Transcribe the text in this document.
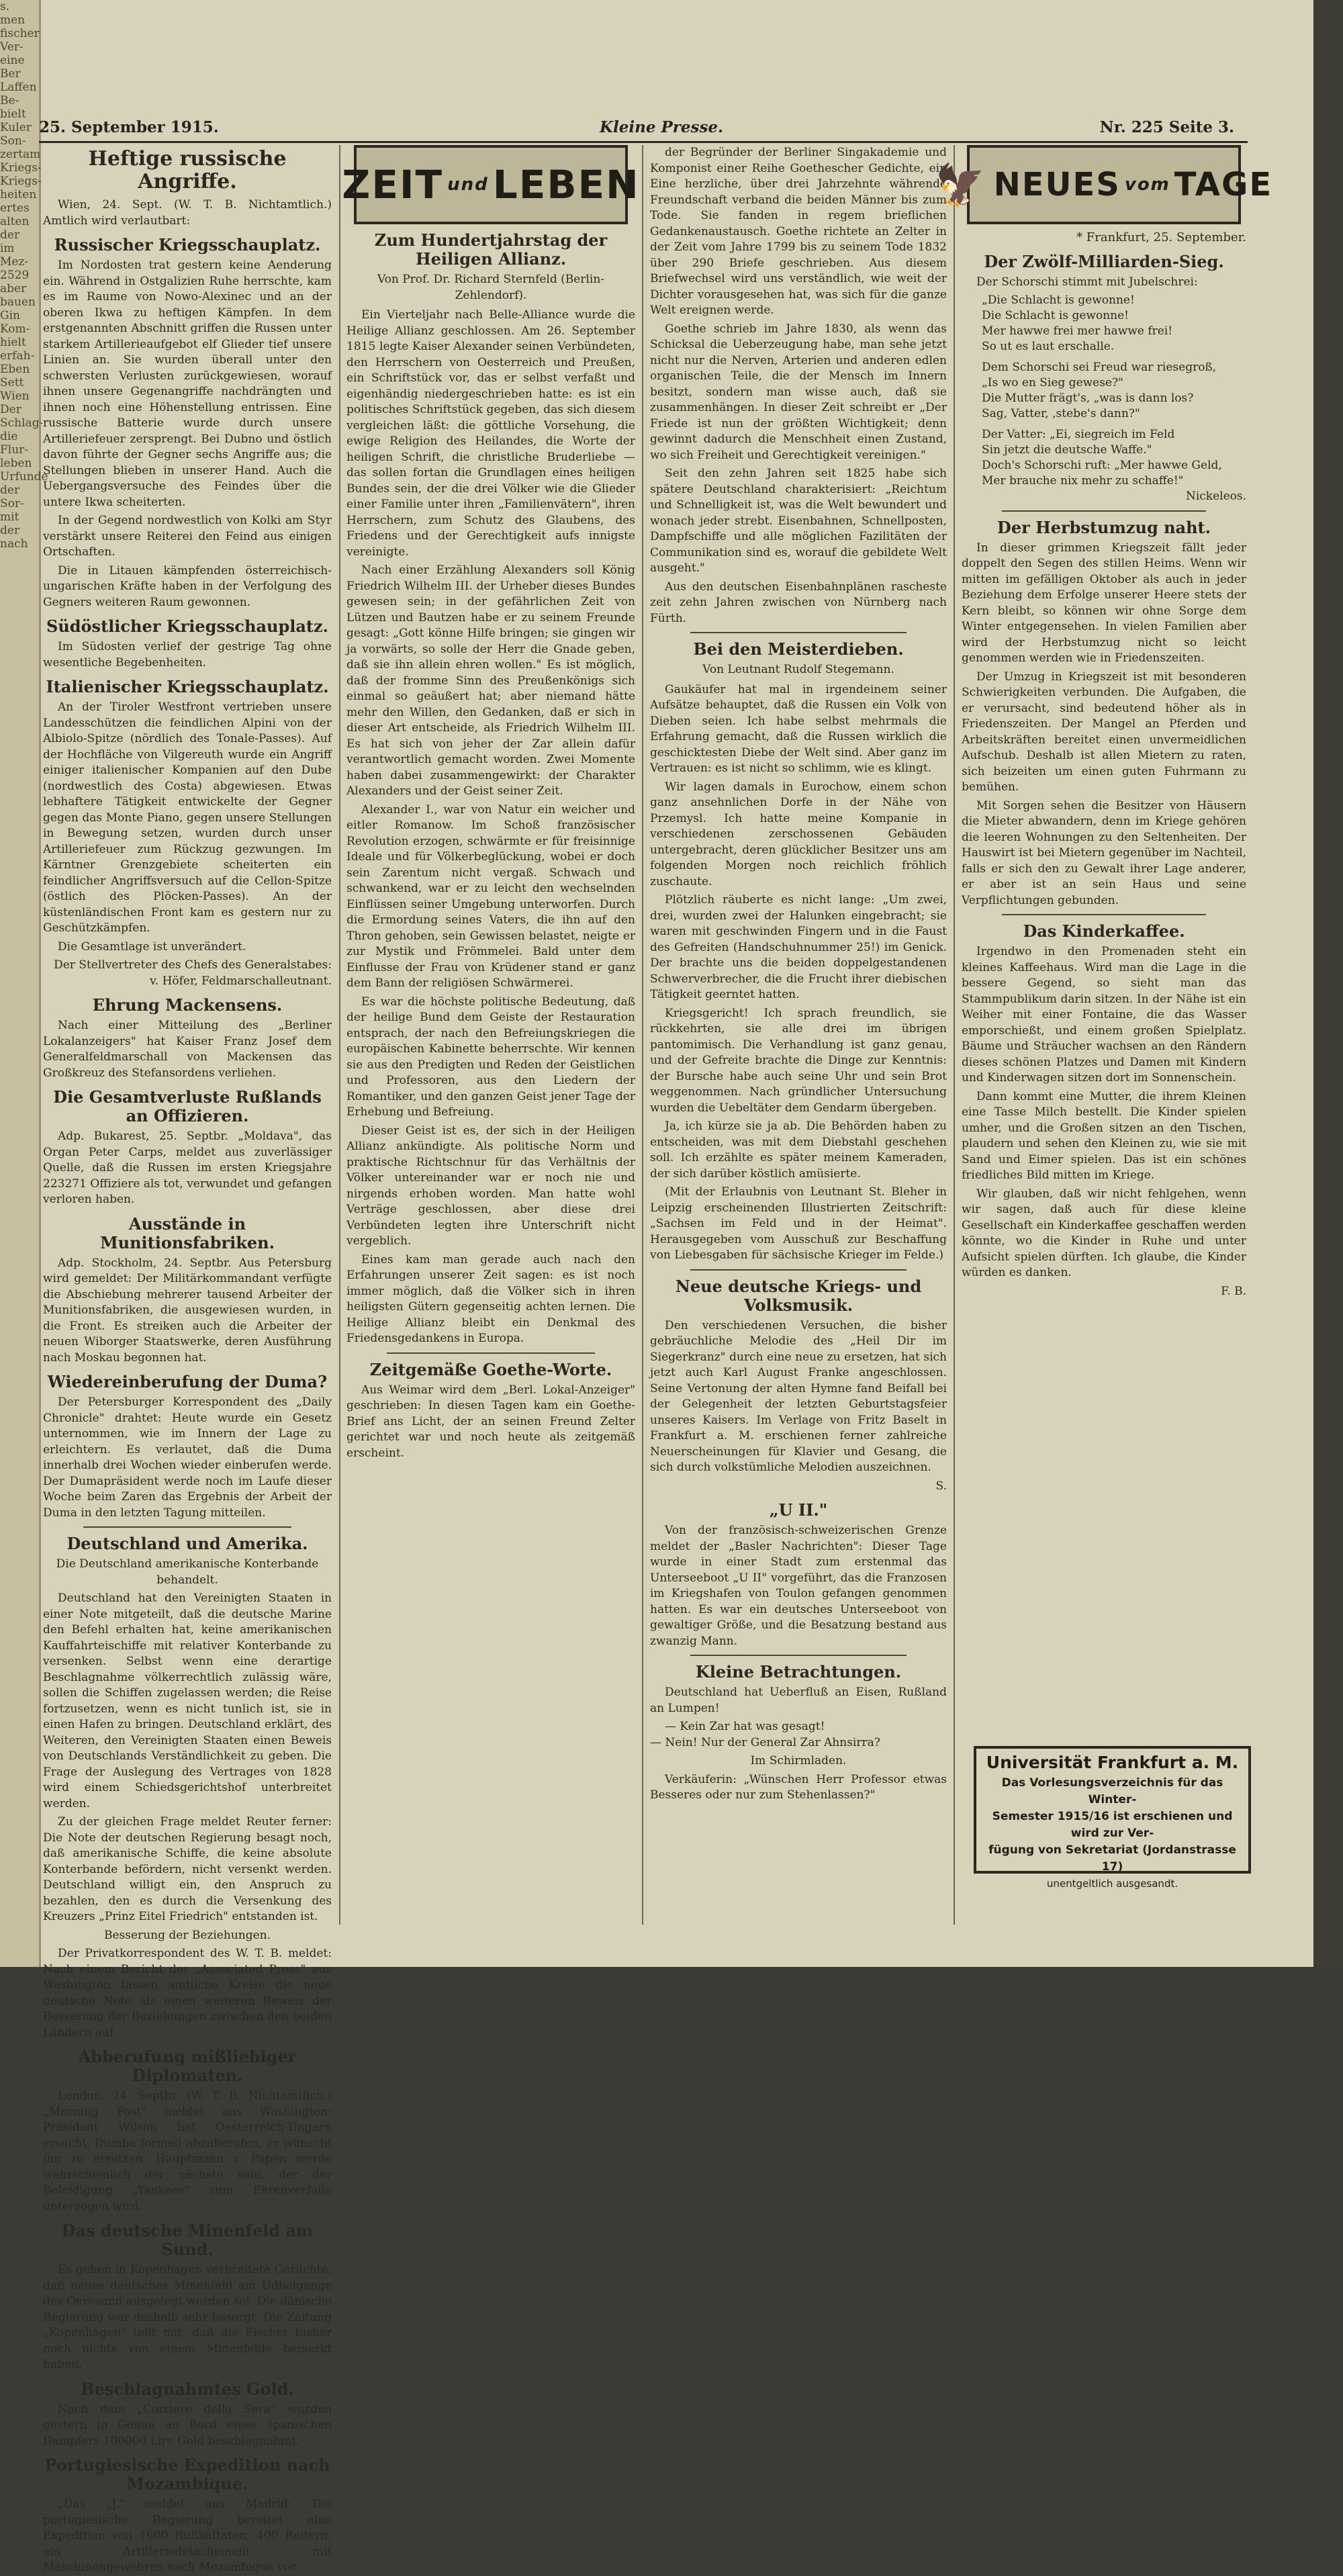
s.
men
fischer
Ver-
eine
Ber
Laffen
Be-
bielt
Kuler
Son-
zertam
Kriegs-
Kriegs-
heiten
ertes
alten
der
im
Mez-
2529
aber
bauen
Gin
Kom-
hielt
erfah-
Eben
Sett
Wien
Der
Schlag-
die
Flur-
leben
Urfunde
der
Sor-
mit
der
nach
25. September 1915.	Kleine Presse.	Nr. 225 Seite 3.
Heftige russische Angriffe.

Wien, 24. Sept. (W. T. B. Nichtamtlich.) Amtlich wird verlautbart:

Russischer Kriegsschauplatz.

Im Nordosten trat gestern keine Aenderung ein. Während in Ostgalizien Ruhe herrschte, kam es im Raume von Nowo-Alexinec und an der oberen Ikwa zu heftigen Kämpfen. In dem erstgenannten Abschnitt griffen die Russen unter starkem Artillerieaufgebot elf Glieder tief unsere Linien an. Sie wurden überall unter den schwersten Verlusten zurückgewiesen, worauf ihnen unsere Gegenangriffe nachdrängten und ihnen noch eine Höhenstellung entrissen. Eine russische Batterie wurde durch unsere Artilleriefeuer zersprengt. Bei Dubno und östlich davon führte der Gegner sechs Angriffe aus; die Stellungen blieben in unserer Hand. Auch die Uebergangsversuche des Feindes über die untere Ikwa scheiterten.

In der Gegend nordwestlich von Kolki am Styr verstärkt unsere Reiterei den Feind aus einigen Ortschaften.

Die in Litauen kämpfenden österreichisch-ungarischen Kräfte haben in der Verfolgung des Gegners weiteren Raum gewonnen.

Südöstlicher Kriegsschauplatz.

Im Südosten verlief der gestrige Tag ohne wesentliche Begebenheiten.

Italienischer Kriegsschauplatz.

An der Tiroler Westfront vertrieben unsere Landesschützen die feindlichen Alpini von der Albiolo-Spitze (nördlich des Tonale-Passes). Auf der Hochfläche von Vilgereuth wurde ein Angriff einiger italienischer Kompanien auf den Dube (nordwestlich des Costa) abgewiesen. Etwas lebhaftere Tätigkeit entwickelte der Gegner gegen das Monte Piano, gegen unsere Stellungen in Bewegung setzen, wurden durch unser Artilleriefeuer zum Rückzug gezwungen. Im Kärntner Grenzgebiete scheiterten ein feindlicher Angriffsversuch auf die Cellon-Spitze (östlich des Plöcken-Passes). An der küstenländischen Front kam es gestern nur zu Geschützkämpfen.

Die Gesamtlage ist unverändert.

Der Stellvertreter des Chefs des Generalstabes: v. Höfer, Feldmarschalleutnant.

Ehrung Mackensens.

Nach einer Mitteilung des „Berliner Lokalanzeigers" hat Kaiser Franz Josef dem Generalfeldmarschall von Mackensen das Großkreuz des Stefansordens verliehen.

Die Gesamtverluste Rußlands an Offizieren.

Adp. Bukarest, 25. Septbr. „Moldava", das Organ Peter Carps, meldet aus zuverlässiger Quelle, daß die Russen im ersten Kriegsjahre 223271 Offiziere als tot, verwundet und gefangen verloren haben.

Ausstände in Munitionsfabriken.

Adp. Stockholm, 24. Septbr. Aus Petersburg wird gemeldet: Der Militärkommandant verfügte die Abschiebung mehrerer tausend Arbeiter der Munitionsfabriken, die ausgewiesen wurden, in die Front. Es streiken auch die Arbeiter der neuen Wiborger Staatswerke, deren Ausführung nach Moskau begonnen hat.

Wiedereinberufung der Duma?

Der Petersburger Korrespondent des „Daily Chronicle" drahtet: Heute wurde ein Gesetz unternommen, wie im Innern der Lage zu erleichtern. Es verlautet, daß die Duma innerhalb drei Wochen wieder einberufen werde. Der Dumapräsident werde noch im Laufe dieser Woche beim Zaren das Ergebnis der Arbeit der Duma in den letzten Tagung mitteilen.

Deutschland und Amerika.

Die Deutschland amerikanische Konterbande behandelt.

Deutschland hat den Vereinigten Staaten in einer Note mitgeteilt, daß die deutsche Marine den Befehl erhalten hat, keine amerikanischen Kauffahrteischiffe mit relativer Konterbande zu versenken. Selbst wenn eine derartige Beschlagnahme völkerrechtlich zulässig wäre, sollen die Schiffen zugelassen werden; die Reise fortzusetzen, wenn es nicht tunlich ist, sie in einen Hafen zu bringen. Deutschland erklärt, des Weiteren, den Vereinigten Staaten einen Beweis von Deutschlands Verständlichkeit zu geben. Die Frage der Auslegung des Vertrages von 1828 wird einem Schiedsgerichtshof unterbreitet werden.

Zu der gleichen Frage meldet Reuter ferner: Die Note der deutschen Regierung besagt noch, daß amerikanische Schiffe, die keine absolute Konterbande befördern, nicht versenkt werden. Deutschland willigt ein, den Anspruch zu bezahlen, den es durch die Versenkung des Kreuzers „Prinz Eitel Friedrich" entstanden ist.

Besserung der Beziehungen.

Der Privatkorrespondent des W. T. B. meldet: Nach einem Bericht der „Associated Press" aus Washington fassen amtliche Kreise die neue deutsche Note als einen weiteren Beweis der Besserung der Beziehungen zwischen den beiden Ländern auf.

Abberufung mißliebiger Diplomaten.

London, 24. Septbr. (W. T. B. Nichtamtlich.) „Morning Post" meldet aus Washington: Präsident Wilson hat Oesterreich-Ungarn ersucht, Dumba formell abzuberufen, er wünscht ihn zu ersetzen. Hauptmann v. Papen werde wahrscheinlich der nächste sein, der der Beleidigung „Yankees" zum Ehrenverfalle unterzogen wird.

Das deutsche Minenfeld am Sund.

Es gehen in Kopenhagen verbreitete Gerüchte, daß neues deutsches Minenfeld am Udbelgange des Oeresund ausgelegt worden sei. Die dänische Regierung war deshalb sehr besorgt. Die Zeitung „Kopenhagen" teilt mit, daß die Fischer bisher noch nichts von einem Minenfelde bemerkt haben.

Beschlagnahmtes Gold.

Nach dem „Corriere della Sera" wurden gestern in Genua an Bord eines spanischen Dampfers 100000 Lire Gold beschlagnahmt.

Portugiesische Expedition nach Mozambique.

„Das „J." meldet aus Madrid: Die portugiesische Regierung bereitet eine Expedition von 1600 Rußkäftaten, 400 Reitern, ein Artilleriedetachement mit Maschinengewehren nach Mozambique vor.

ZEIT und LEBEN
Zum Hundertjahrstag der Heiligen Allianz.

Von Prof. Dr. Richard Sternfeld (Berlin-Zehlendorf).

Ein Vierteljahr nach Belle-Alliance wurde die Heilige Allianz geschlossen. Am 26. September 1815 legte Kaiser Alexander seinen Verbündeten, den Herrschern von Oesterreich und Preußen, ein Schriftstück vor, das er selbst verfaßt und eigenhändig niedergeschrieben hatte: es ist ein politisches Schriftstück gegeben, das sich diesem vergleichen läßt: die göttliche Vorsehung, die ewige Religion des Heilandes, die Worte der heiligen Schrift, die christliche Bruderliebe — das sollen fortan die Grundlagen eines heiligen Bundes sein, der die drei Völker wie die Glieder einer Familie unter ihren „Familienvätern", ihren Herrschern, zum Schutz des Glaubens, des Friedens und der Gerechtigkeit aufs innigste vereinigte.

Nach einer Erzählung Alexanders soll König Friedrich Wilhelm III. der Urheber dieses Bundes gewesen sein; in der gefährlichen Zeit von Lützen und Bautzen habe er zu seinem Freunde gesagt: „Gott könne Hilfe bringen; sie gingen wir ja vorwärts, so solle der Herr die Gnade geben, daß sie ihn allein ehren wollen." Es ist möglich, daß der fromme Sinn des Preußenkönigs sich einmal so geäußert hat; aber niemand hätte mehr den Willen, den Gedanken, daß er sich in dieser Art entscheide, als Friedrich Wilhelm III. Es hat sich von jeher der Zar allein dafür verantwortlich gemacht worden. Zwei Momente haben dabei zusammengewirkt: der Charakter Alexanders und der Geist seiner Zeit.

Alexander I., war von Natur ein weicher und eitler Romanow. Im Schoß französischer Revolution erzogen, schwärmte er für freisinnige Ideale und für Völkerbeglückung, wobei er doch sein Zarentum nicht vergaß. Schwach und schwankend, war er zu leicht den wechselnden Einflüssen seiner Umgebung unterworfen. Durch die Ermordung seines Vaters, die ihn auf den Thron gehoben, sein Gewissen belastet, neigte er zur Mystik und Frömmelei. Bald unter dem Einflusse der Frau von Krüdener stand er ganz dem Bann der religiösen Schwärmerei.

Es war die höchste politische Bedeutung, daß der heilige Bund dem Geiste der Restauration entsprach, der nach den Befreiungskriegen die europäischen Kabinette beherrschte. Wir kennen sie aus den Predigten und Reden der Geistlichen und Professoren, aus den Liedern der Romantiker, und den ganzen Geist jener Tage der Erhebung und Befreiung.

Dieser Geist ist es, der sich in der Heiligen Allianz ankündigte. Als politische Norm und praktische Richtschnur für das Verhältnis der Völker untereinander war er noch nie und nirgends erhoben worden. Man hatte wohl Verträge geschlossen, aber diese drei Verbündeten legten ihre Unterschrift nicht vergeblich.

Eines kam man gerade auch nach den Erfahrungen unserer Zeit sagen: es ist noch immer möglich, daß die Völker sich in ihren heiligsten Gütern gegenseitig achten lernen. Die Heilige Allianz bleibt ein Denkmal des Friedensgedankens in Europa.

Zeitgemäße Goethe-Worte.

Aus Weimar wird dem „Berl. Lokal-Anzeiger" geschrieben: In diesen Tagen kam ein Goethe-Brief ans Licht, der an seinen Freund Zelter gerichtet war und noch heute als zeitgemäß erscheint.

der Begründer der Berliner Singakademie und Komponist einer Reihe Goethescher Gedichte, ein Eine herzliche, über drei Jahrzehnte währende Freundschaft verband die beiden Männer bis zum Tode. Sie fanden in regem brieflichen Gedankenaustausch. Goethe richtete an Zelter in der Zeit vom Jahre 1799 bis zu seinem Tode 1832 über 290 Briefe geschrieben. Aus diesem Briefwechsel wird uns verständlich, wie weit der Dichter vorausgesehen hat, was sich für die ganze Welt ereignen werde.

Goethe schrieb im Jahre 1830, als wenn das Schicksal die Ueberzeugung habe, man sehe jetzt nicht nur die Nerven, Arterien und anderen edlen organischen Teile, die der Mensch im Innern besitzt, sondern man wisse auch, daß sie zusammenhängen. In dieser Zeit schreibt er „Der Friede ist nun der größten Wichtigkeit; denn gewinnt dadurch die Menschheit einen Zustand, wo sich Freiheit und Gerechtigkeit vereinigen."

Seit den zehn Jahren seit 1825 habe sich spätere Deutschland charakterisiert: „Reichtum und Schnelligkeit ist, was die Welt bewundert und wonach jeder strebt. Eisenbahnen, Schnellposten, Dampfschiffe und alle möglichen Fazilitäten der Communikation sind es, worauf die gebildete Welt ausgeht."

Aus den deutschen Eisenbahnplänen rascheste zeit zehn Jahren zwischen von Nürnberg nach Fürth.

Bei den Meisterdieben.

Von Leutnant Rudolf Stegemann.

Gaukäufer hat mal in irgendeinem seiner Aufsätze behauptet, daß die Russen ein Volk von Dieben seien. Ich habe selbst mehrmals die Erfahrung gemacht, daß die Russen wirklich die geschicktesten Diebe der Welt sind. Aber ganz im Vertrauen: es ist nicht so schlimm, wie es klingt.

Wir lagen damals in Eurochow, einem schon ganz ansehnlichen Dorfe in der Nähe von Przemysl. Ich hatte meine Kompanie in verschiedenen zerschossenen Gebäuden untergebracht, deren glücklicher Besitzer uns am folgenden Morgen noch reichlich fröhlich zuschaute.

Plötzlich räuberte es nicht lange: „Um zwei, drei, wurden zwei der Halunken eingebracht; sie waren mit geschwinden Fingern und in die Faust des Gefreiten (Handschuhnummer 25!) im Genick. Der brachte uns die beiden doppelgestandenen Schwerverbrecher, die die Frucht ihrer diebischen Tätigkeit geerntet hatten.

Kriegsgericht! Ich sprach freundlich, sie rückkehrten, sie alle drei im übrigen pantomimisch. Die Verhandlung ist ganz genau, und der Gefreite brachte die Dinge zur Kenntnis: der Bursche habe auch seine Uhr und sein Brot weggenommen. Nach gründlicher Untersuchung wurden die Uebeltäter dem Gendarm übergeben.

Ja, ich kürze sie ja ab. Die Behörden haben zu entscheiden, was mit dem Diebstahl geschehen soll. Ich erzählte es später meinem Kameraden, der sich darüber köstlich amüsierte.

(Mit der Erlaubnis von Leutnant St. Bleher in Leipzig erscheinenden Illustrierten Zeitschrift: „Sachsen im Feld und in der Heimat". Herausgegeben vom Ausschuß zur Beschaffung von Liebesgaben für sächsische Krieger im Felde.)

Neue deutsche Kriegs- und Volksmusik.

Den verschiedenen Versuchen, die bisher gebräuchliche Melodie des „Heil Dir im Siegerkranz" durch eine neue zu ersetzen, hat sich jetzt auch Karl August Franke angeschlossen. Seine Vertonung der alten Hymne fand Beifall bei der Gelegenheit der letzten Geburtstagsfeier unseres Kaisers. Im Verlage von Fritz Baselt in Frankfurt a. M. erschienen ferner zahlreiche Neuerscheinungen für Klavier und Gesang, die sich durch volkstümliche Melodien auszeichnen.

S.

„U II."

Von der französisch-schweizerischen Grenze meldet der „Basler Nachrichten": Dieser Tage wurde in einer Stadt zum erstenmal das Unterseeboot „U II" vorgeführt, das die Franzosen im Kriegshafen von Toulon gefangen genommen hatten. Es war ein deutsches Unterseeboot von gewaltiger Größe, und die Besatzung bestand aus zwanzig Mann.

Kleine Betrachtungen.

Deutschland hat Ueberfluß an Eisen, Rußland an Lumpen!

— Kein Zar hat was gesagt!
— Nein! Nur der General Zar Ahnsirra?

Im Schirmladen.

Verkäuferin: „Wünschen Herr Professor etwas Besseres oder nur zum Stehenlassen?"

🦅 NEUES vom TAGE

* Frankfurt, 25. September.

Der Zwölf-Milliarden-Sieg.

Der Schorschi stimmt mit Jubelschrei:

„Die Schlacht is gewonne!

Die Schlacht is gewonne!

Mer hawwe frei mer hawwe frei!

So ut es laut erschalle.

Dem Schorschi sei Freud war riesegroß,

„Is wo en Sieg gewese?"

Die Mutter frägt's, „was is dann los?

Sag, Vatter, ,stebe's dann?"

Der Vatter: „Ei, siegreich im Feld

Sin jetzt die deutsche Waffe."

Doch's Schorschi ruft: „Mer hawwe Geld,

Mer brauche nix mehr zu schaffe!"

Nickeleos.

Der Herbstumzug naht.

In dieser grimmen Kriegszeit fällt jeder doppelt den Segen des stillen Heims. Wenn wir mitten im gefälligen Oktober als auch in jeder Beziehung dem Erfolge unserer Heere stets der Kern bleibt, so können wir ohne Sorge dem Winter entgegensehen. In vielen Familien aber wird der Herbstumzug nicht so leicht genommen werden wie in Friedenszeiten.

Der Umzug in Kriegszeit ist mit besonderen Schwierigkeiten verbunden. Die Aufgaben, die er verursacht, sind bedeutend höher als in Friedenszeiten. Der Mangel an Pferden und Arbeitskräften bereitet einen unvermeidlichen Aufschub. Deshalb ist allen Mietern zu raten, sich beizeiten um einen guten Fuhrmann zu bemühen.

Mit Sorgen sehen die Besitzer von Häusern die Mieter abwandern, denn im Kriege gehören die leeren Wohnungen zu den Seltenheiten. Der Hauswirt ist bei Mietern gegenüber im Nachteil, falls er sich den zu Gewalt ihrer Lage anderer, er aber ist an sein Haus und seine Verpflichtungen gebunden.

Das Kinderkaffee.

Irgendwo in den Promenaden steht ein kleines Kaffeehaus. Wird man die Lage in die bessere Gegend, so sieht man das Stammpublikum darin sitzen. In der Nähe ist ein Weiher mit einer Fontaine, die das Wasser emporschießt, und einem großen Spielplatz. Bäume und Sträucher wachsen an den Rändern dieses schönen Platzes und Damen mit Kindern und Kinderwagen sitzen dort im Sonnenschein.

Dann kommt eine Mutter, die ihrem Kleinen eine Tasse Milch bestellt. Die Kinder spielen umher, und die Großen sitzen an den Tischen, plaudern und sehen den Kleinen zu, wie sie mit Sand und Eimer spielen. Das ist ein schönes friedliches Bild mitten im Kriege.

Wir glauben, daß wir nicht fehlgehen, wenn wir sagen, daß auch für diese kleine Gesellschaft ein Kinderkaffee geschaffen werden könnte, wo die Kinder in Ruhe und unter Aufsicht spielen dürften. Ich glaube, die Kinder würden es danken.

F. B.

Universität Frankfurt a. M.
Das Vorlesungsverzeichnis für das Winter-
Semester 1915/16 ist erschienen und wird zur Ver-
fügung von Sekretariat (Jordanstrasse 17)
unentgeltlich ausgesandt.
